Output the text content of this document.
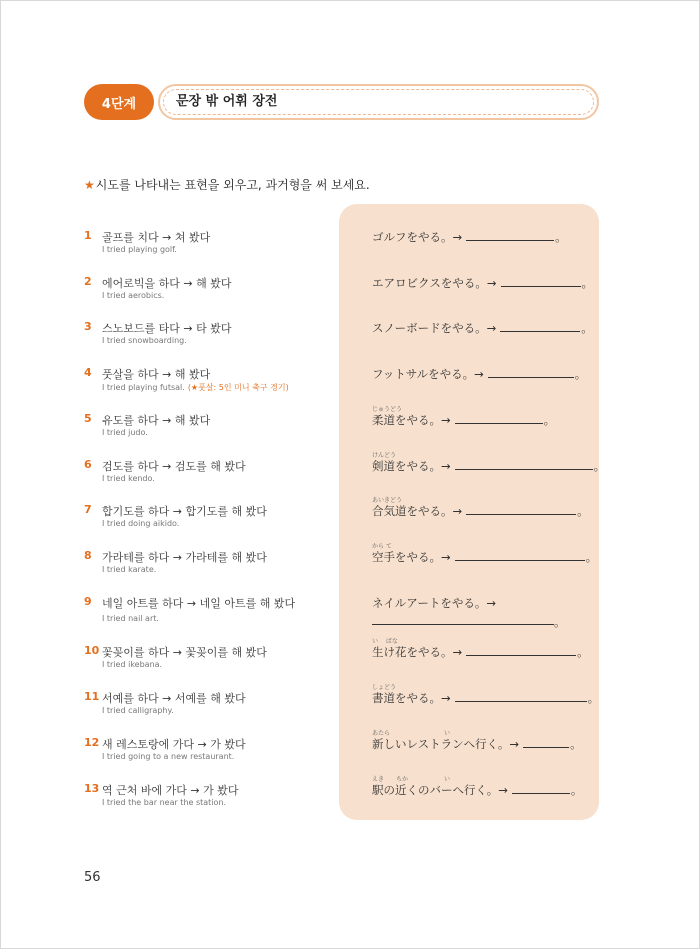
4단계	문장 밖 어휘 장전
★시도를 나타내는 표현을 외우고, 과거형을 써 보세요.
1 골프를 치다 → 쳐 봤다
I tried playing golf.
2 에어로빅을 하다 → 해 봤다
I tried aerobics.
3 스노보드를 타다 → 타 봤다
I tried snowboarding.
4 풋살을 하다 → 해 봤다
I tried playing futsal. (★풋살: 5인 미니 축구 경기)
5 유도를 하다 → 해 봤다
I tried judo.
6 검도를 하다 → 검도를 해 봤다
I tried kendo.
7 합기도를 하다 → 합기도를 해 봤다
I tried doing aikido.
8 가라테를 하다 → 가라테를 해 봤다
I tried karate.
9 네일 아트를 하다 → 네일 아트를 해 봤다
I tried nail art.
10 꽃꽂이를 하다 → 꽃꽂이를 해 봤다
I tried ikebana.
11 서예를 하다 → 서예를 해 봤다
I tried calligraphy.
12 새 레스토랑에 가다 → 가 봤다
I tried going to a new restaurant.
13 역 근처 바에 가다 → 가 봤다
I tried the bar near the station.
ゴルフをやる。→	。
エアロビクスをやる。→	。
スノーボードをやる。→	。
フットサルをやる。→	。
じゅうどう
柔道をやる。→	。
けんどう
剣道をやる。→	。
あいきどう
合気道をやる。→	。
から て
空手をやる。→	。
ネイルアートをやる。→
。
い　 ばな
生け花をやる。→	。
しょどう
書道をやる。→	。
あたら　　　　　　　　　い
新しいレストランへ行く。→	。
えき　　ちか　　　　　　い
駅の近くのバーへ行く。→	。
56
